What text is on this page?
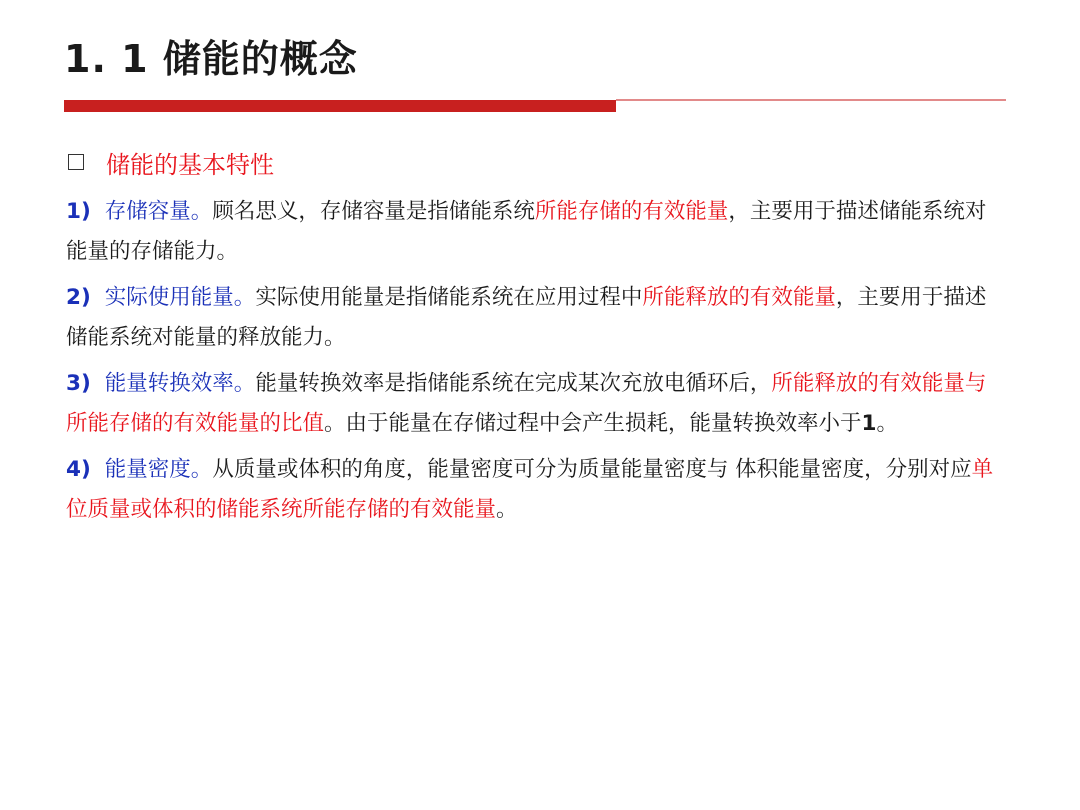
1. 1 储能的概念
储能的基本特性
1) 存储容量。顾名思义，存储容量是指储能系统所能存储的有效能量，主要用于描述储能系统对能量的存储能力。
2) 实际使用能量。实际使用能量是指储能系统在应用过程中所能释放的有效能量，主要用于描述储能系统对能量的释放能力。
3) 能量转换效率。能量转换效率是指储能系统在完成某次充放电循环后，所能释放的有效能量与所能存储的有效能量的比值。由于能量在存储过程中会产生损耗，能量转换效率小于1。
4) 能量密度。从质量或体积的角度，能量密度可分为质量能量密度与 体积能量密度，分别对应单位质量或体积的储能系统所能存储的有效能量。
